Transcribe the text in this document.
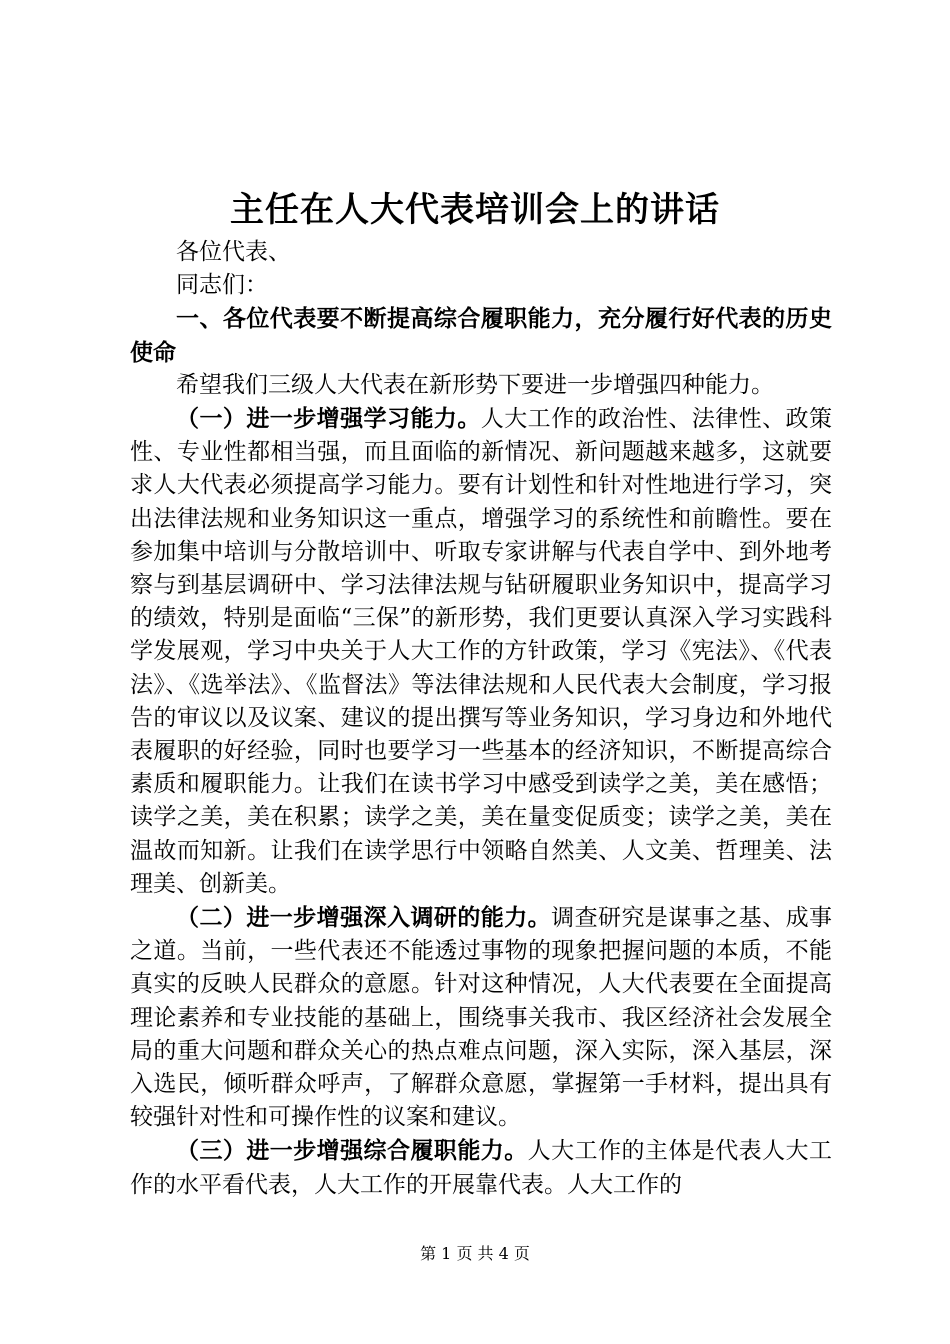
主任在人大代表培训会上的讲话

各位代表、

同志们：

一、各位代表要不断提高综合履职能力，充分履行好代表的历史使命

希望我们三级人大代表在新形势下要进一步增强四种能力。

（一）进一步增强学习能力。人大工作的政治性、法律性、政策性、专业性都相当强，而且面临的新情况、新问题越来越多，这就要求人大代表必须提高学习能力。要有计划性和针对性地进行学习，突出法律法规和业务知识这一重点，增强学习的系统性和前瞻性。要在参加集中培训与分散培训中、听取专家讲解与代表自学中、到外地考察与到基层调研中、学习法律法规与钻研履职业务知识中，提高学习的绩效，特别是面临“三保”的新形势，我们更要认真深入学习实践科学发展观，学习中央关于人大工作的方针政策，学习《宪法》、《代表法》、《选举法》、《监督法》等法律法规和人民代表大会制度，学习报告的审议以及议案、建议的提出撰写等业务知识，学习身边和外地代表履职的好经验，同时也要学习一些基本的经济知识，不断提高综合素质和履职能力。让我们在读书学习中感受到读学之美，美在感悟；读学之美，美在积累；读学之美，美在量变促质变；读学之美，美在温故而知新。让我们在读学思行中领略自然美、人文美、哲理美、法理美、创新美。

（二）进一步增强深入调研的能力。调查研究是谋事之基、成事之道。当前，一些代表还不能透过事物的现象把握问题的本质，不能真实的反映人民群众的意愿。针对这种情况，人大代表要在全面提高理论素养和专业技能的基础上，围绕事关我市、我区经济社会发展全局的重大问题和群众关心的热点难点问题，深入实际，深入基层，深入选民，倾听群众呼声，了解群众意愿，掌握第一手材料，提出具有较强针对性和可操作性的议案和建议。

（三）进一步增强综合履职能力。人大工作的主体是代表人大工作的水平看代表，人大工作的开展靠代表。人大工作的

第 1 页 共 4 页
